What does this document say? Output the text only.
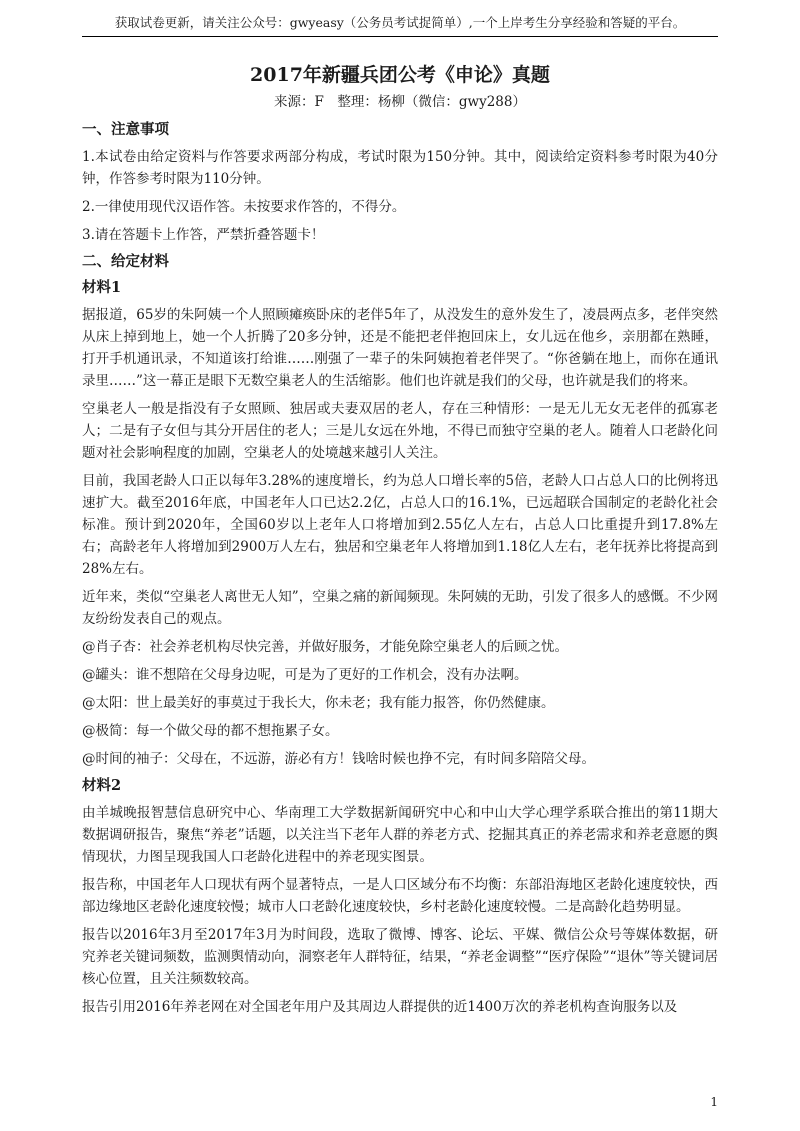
获取试卷更新，请关注公众号：gwyeasy（公务员考试捉简单）,一个上岸考生分享经验和答疑的平台。
2017年新疆兵团公考《申论》真题
来源：F　整理：杨柳（微信：gwy288）
一、注意事项

1.本试卷由给定资料与作答要求两部分构成，考试时限为150分钟。其中，阅读给定资料参考时限为40分钟，作答参考时限为110分钟。

2.一律使用现代汉语作答。未按要求作答的，不得分。

3.请在答题卡上作答，严禁折叠答题卡！

二、给定材料
材料1

据报道，65岁的朱阿姨一个人照顾瘫痪卧床的老伴5年了，从没发生的意外发生了，凌晨两点多，老伴突然从床上掉到地上，她一个人折腾了20多分钟，还是不能把老伴抱回床上，女儿远在他乡，亲朋都在熟睡，打开手机通讯录，不知道该打给谁……刚强了一辈子的朱阿姨抱着老伴哭了。“你爸躺在地上，而你在通讯录里……”这一幕正是眼下无数空巢老人的生活缩影。他们也许就是我们的父母，也许就是我们的将来。

空巢老人一般是指没有子女照顾、独居或夫妻双居的老人，存在三种情形：一是无儿无女无老伴的孤寡老人；二是有子女但与其分开居住的老人；三是儿女远在外地，不得已而独守空巢的老人。随着人口老龄化问题对社会影响程度的加剧，空巢老人的处境越来越引人关注。

目前，我国老龄人口正以每年3.28%的速度增长，约为总人口增长率的5倍，老龄人口占总人口的比例将迅速扩大。截至2016年底，中国老年人口已达2.2亿，占总人口的16.1%，已远超联合国制定的老龄化社会标准。预计到2020年，全国60岁以上老年人口将增加到2.55亿人左右，占总人口比重提升到17.8%左右；高龄老年人将增加到2900万人左右，独居和空巢老年人将增加到1.18亿人左右，老年抚养比将提高到28%左右。

近年来，类似“空巢老人离世无人知”，空巢之痛的新闻频现。朱阿姨的无助，引发了很多人的感慨。不少网友纷纷发表自己的观点。

@肖子杏：社会养老机构尽快完善，并做好服务，才能免除空巢老人的后顾之忧。

@罐头：谁不想陪在父母身边呢，可是为了更好的工作机会，没有办法啊。

@太阳：世上最美好的事莫过于我长大，你未老；我有能力报答，你仍然健康。

@极简：每一个做父母的都不想拖累子女。

@时间的袖子：父母在，不远游，游必有方！钱啥时候也挣不完，有时间多陪陪父母。

材料2

由羊城晚报智慧信息研究中心、华南理工大学数据新闻研究中心和中山大学心理学系联合推出的第11期大数据调研报告，聚焦“养老”话题，以关注当下老年人群的养老方式、挖掘其真正的养老需求和养老意愿的舆情现状，力图呈现我国人口老龄化进程中的养老现实图景。

报告称，中国老年人口现状有两个显著特点，一是人口区域分布不均衡：东部沿海地区老龄化速度较快，西部边缘地区老龄化速度较慢；城市人口老龄化速度较快，乡村老龄化速度较慢。二是高龄化趋势明显。

报告以2016年3月至2017年3月为时间段，选取了微博、博客、论坛、平媒、微信公众号等媒体数据，研究养老关键词频数，监测舆情动向，洞察老年人群特征，结果，“养老金调整”“医疗保险”“退休”等关键词居核心位置，且关注频数较高。

报告引用2016年养老网在对全国老年用户及其周边人群提供的近1400万次的养老机构查询服务以及

1
